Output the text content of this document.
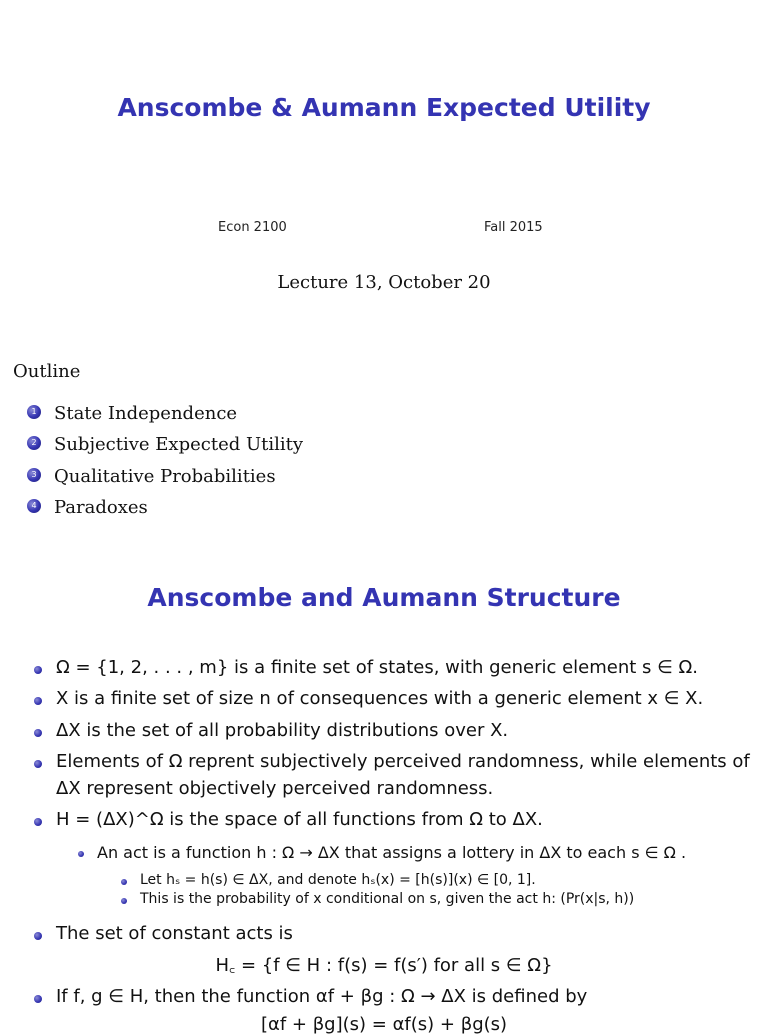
Anscombe & Aumann Expected Utility
Econ 2100	Fall 2015
Lecture 13, October 20
Outline
1 State Independence
2 Subjective Expected Utility
3 Qualitative Probabilities
4 Paradoxes
Anscombe and Aumann Structure
Ω = {1, 2, . . . , m} is a finite set of states, with generic element s ∈ Ω.
X is a finite set of size n of consequences with a generic element x ∈ X.
ΔX is the set of all probability distributions over X.
Elements of Ω reprent subjectively perceived randomness, while elements of
ΔX represent objectively perceived randomness.
H = (ΔX)^Ω is the space of all functions from Ω to ΔX.
An act is a function h : Ω → ΔX that assigns a lottery in ΔX to each s ∈ Ω .
Let hₛ = h(s) ∈ ΔX, and denote hₛ(x) = [h(s)](x) ∈ [0, 1].
This is the probability of x conditional on s, given the act h: (Pr(x|s, h))
The set of constant acts is
H꜀ = {f ∈ H : f(s) = f(s′) for all s ∈ Ω}
If f, g ∈ H, then the function αf + βg : Ω → ΔX is defined by
[αf + βg](s) = αf(s) + βg(s)
